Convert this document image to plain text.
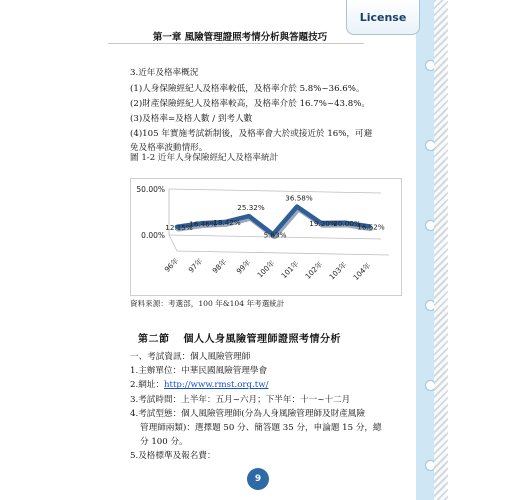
License
第一章 風險管理證照考情分析與答題技巧
3.近年及格率概況
(1)人身保險經紀人及格率較低，及格率介於 5.8%~36.6%。
(2)財產保險經紀人及格率較高，及格率介於 16.7%~43.8%。
(3)及格率=及格人數 / 到考人數
(4)105 年實施考試新制後，及格率會大於或接近於 16%，可避
免及格率波動情形。
圖 1-2 近年人身保險經紀人及格率統計
0.00%
50.00%
12.15%
16.46%
18.42%
25.32%
5.83%
36.58%
19.20%
20.00%
16.52%
96年 97年 98年 99年 100年 101年 102年 103年 104年
資料來源：考選部，100 年&104 年考選統計
第二節 個人人身風險管理師證照考情分析
一、考試資訊：個人風險管理師
1.主辦單位：中華民國風險管理學會
2.網址：http://www.rmst.org.tw/
3.考試時間：上半年：五月~六月；下半年：十一~十二月
4.考試型態：個人風險管理師(分為人身風險管理師及財產風險
管理師兩類)：選擇題 50 分、簡答題 35 分，申論題 15 分，總
分 100 分。
5.及格標準及報名費：
9
